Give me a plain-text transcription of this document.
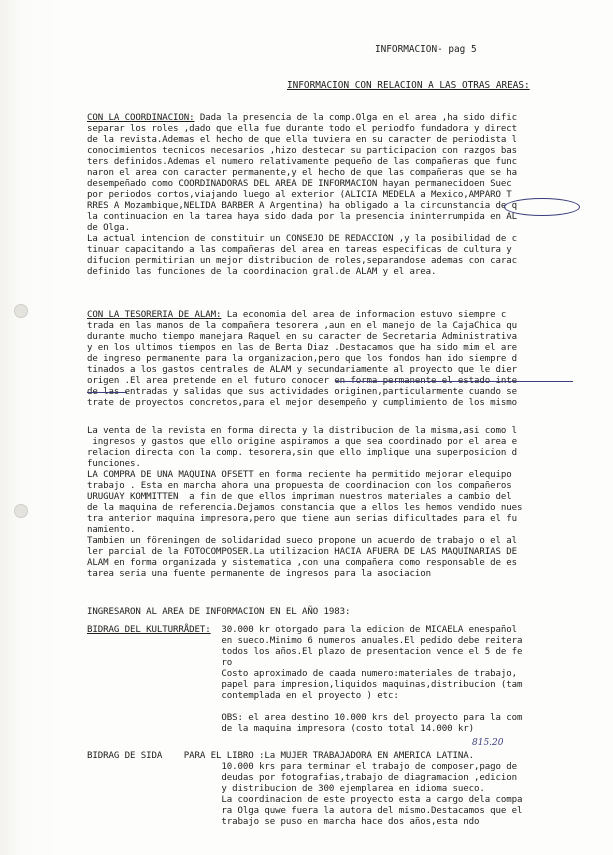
INFORMACION- pag 5
INFORMACION CON RELACION A LAS OTRAS AREAS:
CON LA COORDINACION: Dada la presencia de la comp.Olga en el area ,ha sido dific
separar los roles ,dado que ella fue durante todo el periodfo fundadora y direct
de la revista.Ademas el hecho de que ella tuviera en su caracter de periodista l
conocimientos tecnicos necesarios ,hizo destecar su participacion con razgos bas
ters definidos.Ademas el numero relativamente pequeño de las compañeras que func
naron el area con caracter permanente,y el hecho de que las compañeras que se ha
desempeñado como COORDINADORAS DEL AREA DE INFORMACION hayan permanecidoen Suec
por periodos cortos,viajando luego al exterior (ALICIA MEDELA a Mexico,AMPARO T
RRES A Mozambique,NELIDA BARBER A Argentina) ha obligado a la circunstancia de q
la continuacion en la tarea haya sido dada por la presencia ininterrumpida en AL
de Olga.
La actual intencion de constituir un CONSEJO DE REDACCION ,y la posibilidad de c
tinuar capacitando a las compañeras del area en tareas especificas de cultura y
difucion permitirian un mejor distribucion de roles,separandose ademas con carac
definido las funciones de la coordinacion gral.de ALAM y el area.
CON LA TESORERIA DE ALAM: La economia del area de informacion estuvo siempre c
trada en las manos de la compañera tesorera ,aun en el manejo de la CajaChica qu
durante mucho tiempo manejara Raquel en su caracter de Secretaria Administrativa
y en los ultimos tiempos en las de Berta Diaz .Destacamos que ha sido mim el are
de ingreso permanente para la organizacion,pero que los fondos han ido siempre d
tinados a los gastos centrales de ALAM y secundariamente al proyecto que le dier
origen .El area pretende en el futuro conocer en forma permanente el estado inte
de las entradas y salidas que sus actividades originen,particularmente cuando se
trate de proyectos concretos,para el mejor desempeño y cumplimiento de los mismo
La venta de la revista en forma directa y la distribucion de la misma,asi como l
ingresos y gastos que ello origine aspiramos a que sea coordinado por el area e
relacion directa con la comp. tesorera,sin que ello implique una superposicion d
funciones.
LA COMPRA DE UNA MAQUINA OFSETT en forma reciente ha permitido mejorar elequipo
trabajo . Esta en marcha ahora una propuesta de coordinacion con los compañeros
URUGUAY KOMMITTEN  a fin de que ellos impriman nuestros materiales a cambio del
de la maquina de referencia.Dejamos constancia que a ellos les hemos vendido nues
tra anterior maquina impresora,pero que tiene aun serias dificultades para el fu
namiento.
Tambien un föreningen de solidaridad sueco propone un acuerdo de trabajo o el al
ler parcial de la FOTOCOMPOSER.La utilizacion HACIA AFUERA DE LAS MAQUINARIAS DE
ALAM en forma organizada y sistematica ,con una compañera como responsable de es
tarea seria una fuente permanente de ingresos para la asociacion
INGRESARON AL AREA DE INFORMACION EN EL AÑO 1983:
BIDRAG DEL KULTURRÅDET:  30.000 kr otorgado para la edicion de MICAELA enespañol
en sueco.Minimo 6 numeros anuales.El pedido debe reitera
todos los años.El plazo de presentacion vence el 5 de fe
ro
Costo aproximado de caada numero:materiales de trabajo,
papel para impresion,liquidos maquinas,distribucion (tam
contemplada en el proyecto ) etc:
OBS: el area destino 10.000 krs del proyecto para la com
de la maquina impresora (costo total 14.000 kr)
BIDRAG DE SIDA    PARA EL LIBRO :La MUJER TRABAJADORA EN AMERICA LATINA.
10.000 krs para terminar el trabajo de composer,pago de
deudas por fotografias,trabajo de diagramacion ,edicion
y distribucion de 300 ejemplarea en idioma sueco.
La coordinacion de este proyecto esta a cargo dela compa
ra Olga quwe fuera la autora del mismo.Destacamos que el
trabajo se puso en marcha hace dos años,esta ndo
815.20
